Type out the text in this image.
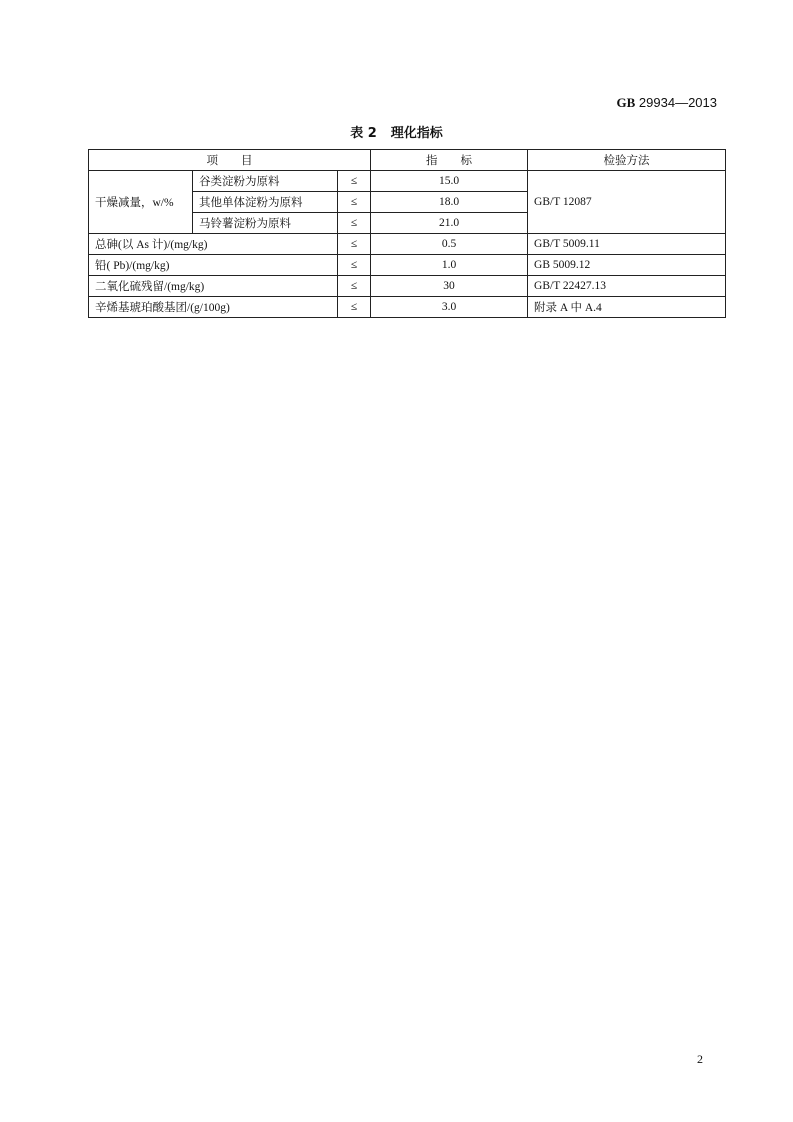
GB 29934—2013
表 2 理化指标
项　　目			指　　标	检验方法
干燥减量，w/%	谷类淀粉为原料	≤	15.0	GB/T 12087
	其他单体淀粉为原料	≤	18.0	
	马铃薯淀粉为原料	≤	21.0	
总砷(以 As 计)/(mg/kg)		≤	0.5	GB/T 5009.11
铅( Pb)/(mg/kg)		≤	1.0	GB 5009.12
二氧化硫残留/(mg/kg)		≤	30	GB/T 22427.13
辛烯基琥珀酸基团/(g/100g)		≤	3.0	附录 A 中 A.4
2
